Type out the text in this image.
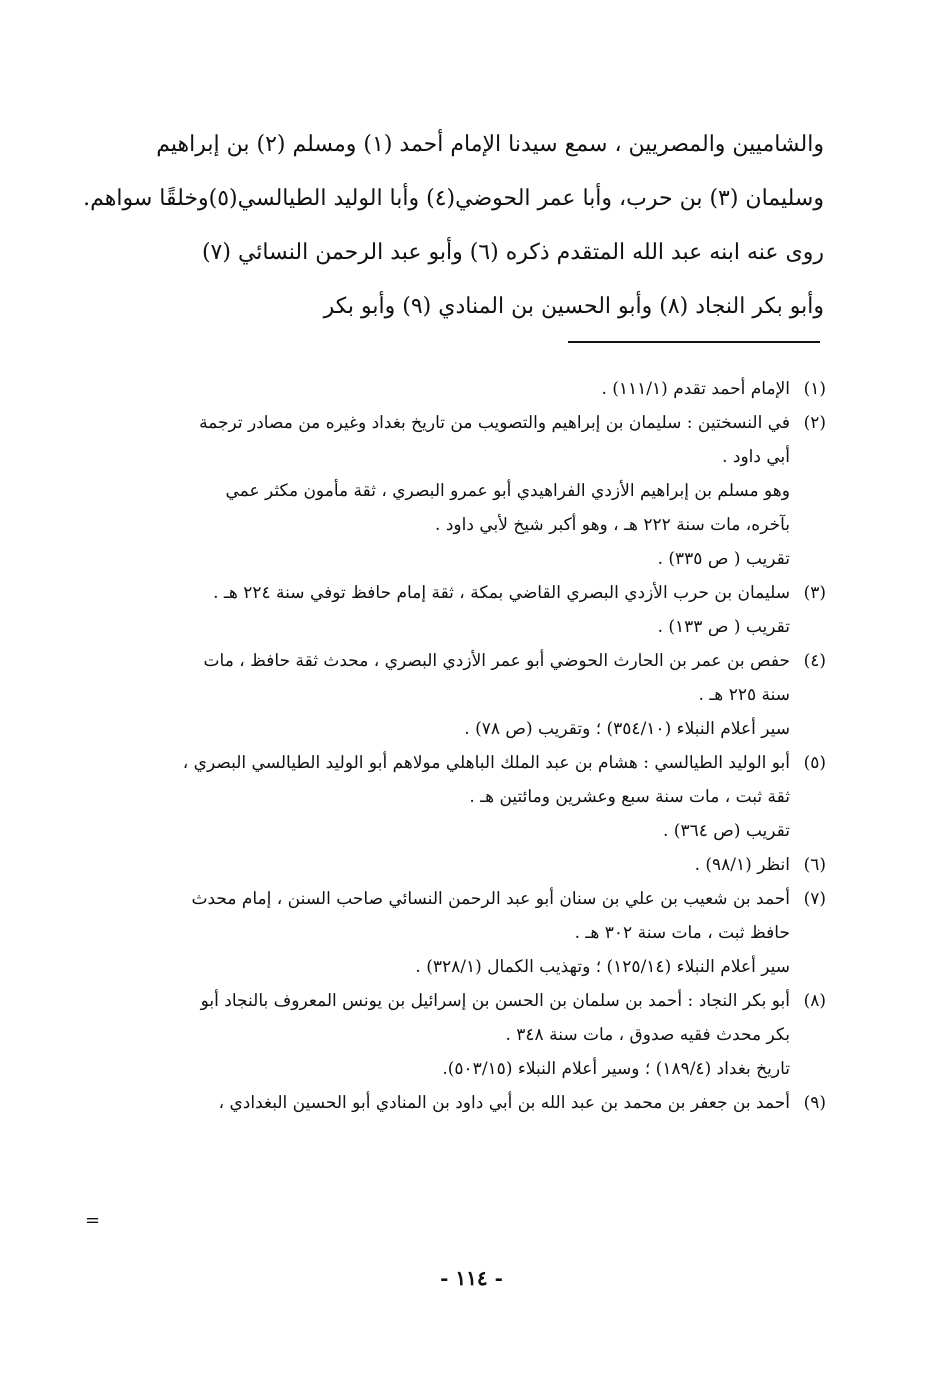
والشاميين والمصريين ، سمع سيدنا الإمام أحمد (١) ومسلم (٢) بن إبراهيم
وسليمان (٣) بن حرب، وأبا عمر الحوضي(٤) وأبا الوليد الطيالسي(٥)وخلقًا سواهم.
روى عنه ابنه عبد الله المتقدم ذكره (٦) وأبو عبد الرحمن النسائي (٧)
وأبو بكر النجاد (٨) وأبو الحسين بن المنادي (٩) وأبو بكر
(١)
الإمام أحمد تقدم (١١١/١) .
(٢)
في النسختين : سليمان بن إبراهيم والتصويب من تاريخ بغداد وغيره من مصادر ترجمة
أبي داود .
وهو مسلم بن إبراهيم الأزدي الفراهيدي أبو عمرو البصري ، ثقة مأمون مكثر عمي
بآخره، مات سنة ٢٢٢ هـ ، وهو أكبر شيخ لأبي داود .
تقريب ( ص ٣٣٥) .
(٣)
سليمان بن حرب الأزدي البصري القاضي بمكة ، ثقة إمام حافظ توفي سنة ٢٢٤ هـ .
تقريب ( ص ١٣٣) .
(٤)
حفص بن عمر بن الحارث الحوضي أبو عمر الأزدي البصري ، محدث ثقة حافظ ، مات
سنة ٢٢٥ هـ .
سير أعلام النبلاء (٣٥٤/١٠) ؛ وتقريب (ص ٧٨) .
(٥)
أبو الوليد الطيالسي : هشام بن عبد الملك الباهلي مولاهم أبو الوليد الطيالسي البصري ،
ثقة ثبت ، مات سنة سبع وعشرين ومائتين هـ .
تقريب (ص ٣٦٤) .
(٦)
انظر (٩٨/١) .
(٧)
أحمد بن شعيب بن علي بن سنان أبو عبد الرحمن النسائي صاحب السنن ، إمام محدث
حافظ ثبت ، مات سنة ٣٠٢ هـ .
سير أعلام النبلاء (١٢٥/١٤) ؛ وتهذيب الكمال (٣٢٨/١) .
(٨)
أبو بكر النجاد : أحمد بن سلمان بن الحسن بن إسرائيل بن يونس المعروف بالنجاد أبو
بكر محدث فقيه صدوق ، مات سنة ٣٤٨ .
تاريخ بغداد (١٨٩/٤) ؛ وسير أعلام النبلاء (٥٠٣/١٥).
(٩)
أحمد بن جعفر بن محمد بن عبد الله بن أبي داود بن المنادي أبو الحسين البغدادي ،
=
- ١١٤ -
